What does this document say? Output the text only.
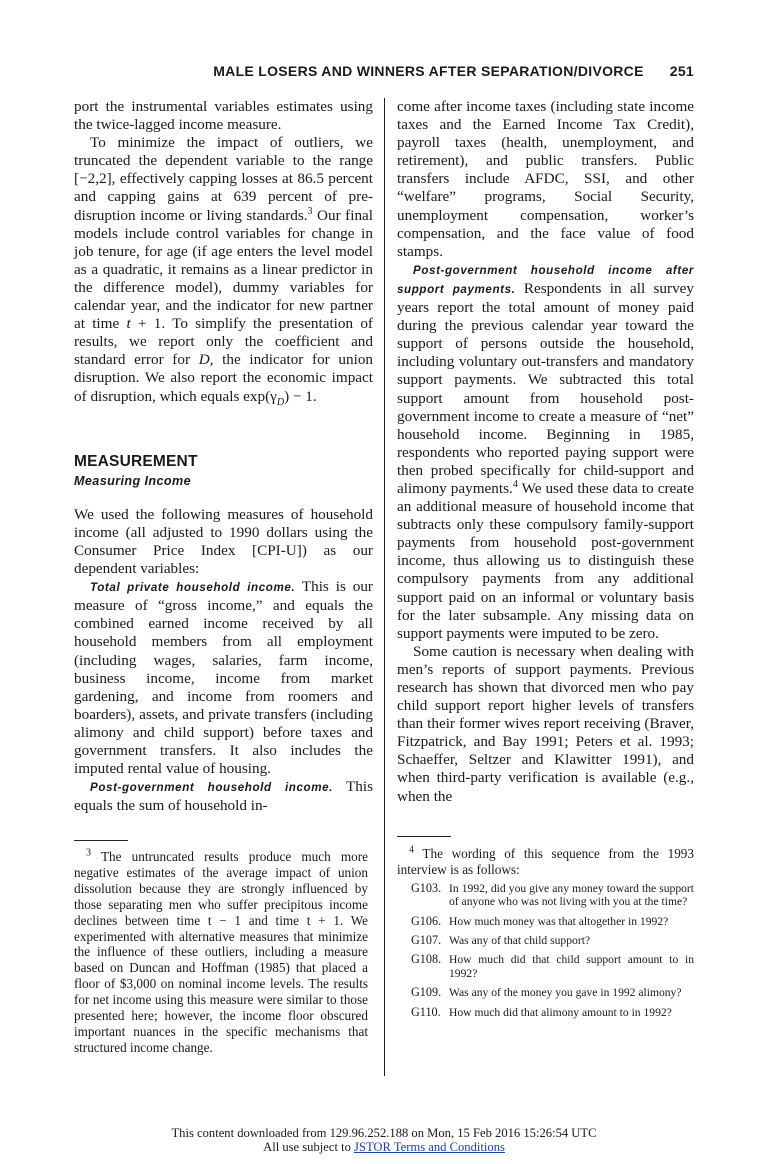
MALE LOSERS AND WINNERS AFTER SEPARATION/DIVORCE 251

port the instrumental variables estimates using the twice-lagged income measure.

To minimize the impact of outliers, we truncated the dependent variable to the range [−2,2], effectively capping losses at 86.5 percent and capping gains at 639 percent of pre-disruption income or living standards.$^3$ Our final models include control variables for change in job tenure, for age (if age enters the level model as a quadratic, it remains as a linear predictor in the difference model), dummy variables for calendar year, and the indicator for new partner at time t + 1. To simplify the presentation of results, we report only the coefficient and standard error for D, the indicator for union disruption. We also report the economic impact of disruption, which equals $\exp(\gamma_D) - 1$.

MEASUREMENT
Measuring Income

We used the following measures of household income (all adjusted to 1990 dollars using the Consumer Price Index [CPI-U]) as our dependent variables:

Total private household income. This is our measure of “gross income,” and equals the combined earned income received by all household members from all employment (including wages, salaries, farm income, business income, income from market gardening, and income from roomers and boarders), assets, and private transfers (including alimony and child support) before taxes and government transfers. It also includes the imputed rental value of housing.

Post-government household income. This equals the sum of household in-

come after income taxes (including state income taxes and the Earned Income Tax Credit), payroll taxes (health, unemployment, and retirement), and public transfers. Public transfers include AFDC, SSI, and other “welfare” programs, Social Security, unemployment compensation, worker’s compensation, and the face value of food stamps.

Post-government household income after support payments. Respondents in all survey years report the total amount of money paid during the previous calendar year toward the support of persons outside the household, including voluntary out-transfers and mandatory support payments. We subtracted this total support amount from household post-government income to create a measure of “net” household income. Beginning in 1985, respondents who reported paying support were then probed specifically for child-support and alimony payments.$^4$ We used these data to create an additional measure of household income that subtracts only these compulsory family-support payments from household post-government income, thus allowing us to distinguish these compulsory payments from any additional support paid on an informal or voluntary basis for the later subsample. Any missing data on support payments were imputed to be zero.

Some caution is necessary when dealing with men’s reports of support payments. Previous research has shown that divorced men who pay child support report higher levels of transfers than their former wives report receiving (Braver, Fitzpatrick, and Bay 1991; Peters et al. 1993; Schaeffer, Seltzer and Klawitter 1991), and when third-party verification is available (e.g., when the

$^3$ The untruncated results produce much more negative estimates of the average impact of union dissolution because they are strongly influenced by those separating men who suffer precipitous income declines between time t − 1 and time t + 1. We experimented with alternative measures that minimize the influence of these outliers, including a measure based on Duncan and Hoffman (1985) that placed a floor of $3,000 on nominal income levels. The results for net income using this measure were similar to those presented here; however, the income floor obscured important nuances in the specific mechanisms that structured income change.

$^4$ The wording of this sequence from the 1993 interview is as follows:

G103. In 1992, did you give any money toward the support of anyone who was not living with you at the time?
G106. How much money was that altogether in 1992?
G107. Was any of that child support?
G108. How much did that child support amount to in 1992?
G109. Was any of the money you gave in 1992 alimony?
G110. How much did that alimony amount to in 1992?
This content downloaded from 129.96.252.188 on Mon, 15 Feb 2016 15:26:54 UTC
All use subject to JSTOR Terms and Conditions
